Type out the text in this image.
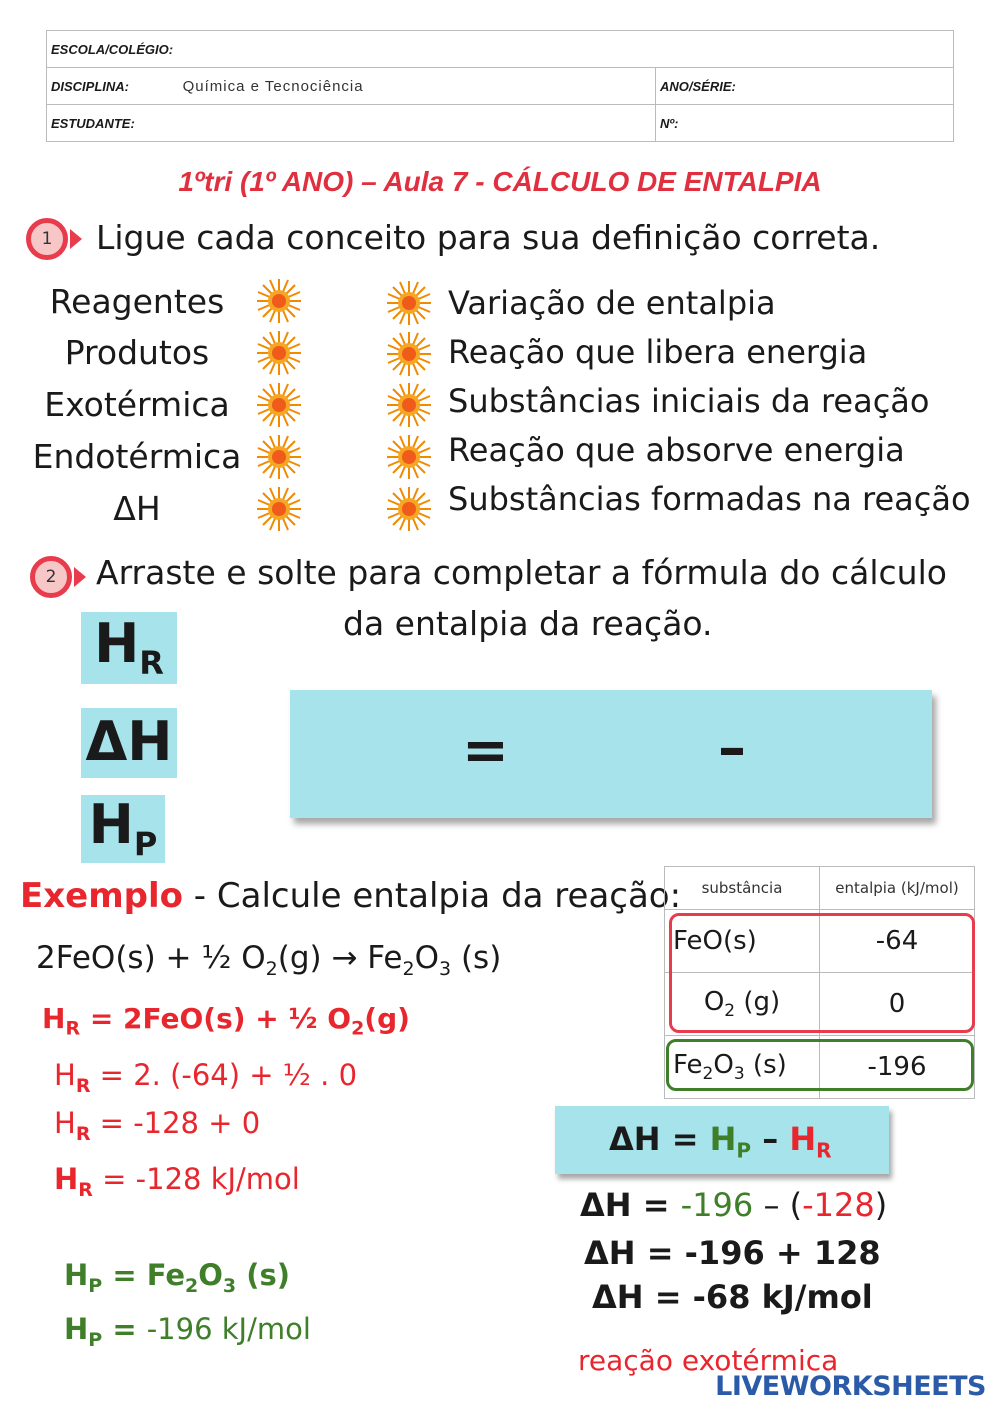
ESCOLA/COLÉGIO:	
DISCIPLINA: Química e Tecnociência	ANO/SÉRIE:
ESTUDANTE:	Nº:
1ºtri (1º ANO) – Aula 7 - CÁLCULO DE ENTALPIA
1	Ligue cada conceito para sua definição correta.
Reagentes
Produtos
Exotérmica
Endotérmica
ΔH
Variação de entalpia
Reação que libera energia
Substâncias iniciais da reação
Reação que absorve energia
Substâncias formadas na reação
2	Arraste e solte para completar a fórmula do cálculo
da entalpia da reação.
$H_R$
ΔH
$H_P$
=	–
Exemplo - Calcule entalpia da reação:
2FeO(s) + ½ $O_2(g) \to Fe_2O_3$ (s)
$H_R = 2FeO(s)$ + ½ $O_2(g)$
$H_R = 2$. (-64) + ½ . 0
$H_R = -128 + 0$
$H_R = -128$ kJ/mol
$H_P = Fe_2O_3$ (s)
$H_P = -196$ kJ/mol
substância	entalpia (kJ/mol)
FeO(s)	-64
$O_2$ (g)	0
$Fe_2O_3$ (s)	-196
$\Delta H = H_P - H_R$
ΔH = -196 – (-128)
ΔH = -196 + 128
ΔH = -68 kJ/mol
reação exotérmica
LIVEWORKSHEETS
